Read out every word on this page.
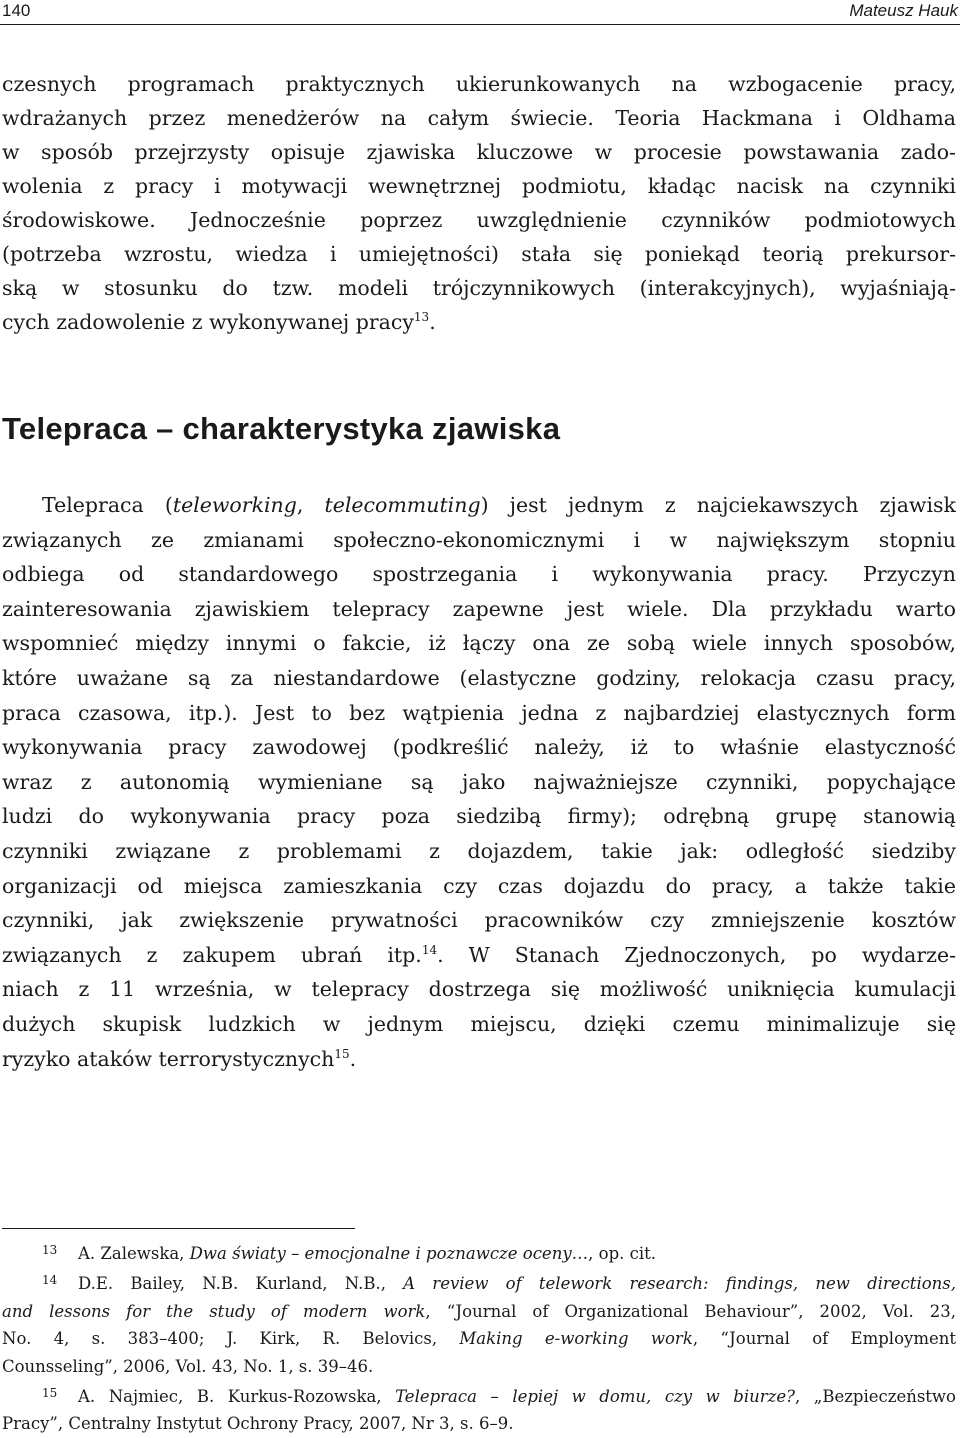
140	Mateusz Hauk

czesnych programach praktycznych ukierunkowanych na wzbogacenie pracy,
wdrażanych przez menedżerów na całym świecie. Teoria Hackmana i Oldhama
w sposób przejrzysty opisuje zjawiska kluczowe w procesie powstawania zado-
wolenia z pracy i motywacji wewnętrznej podmiotu, kładąc nacisk na czynniki
środowiskowe. Jednocześnie poprzez uwzględnienie czynników podmiotowych
(potrzeba wzrostu, wiedza i umiejętności) stała się poniekąd teorią prekursor-
ską w stosunku do tzw. modeli trójczynnikowych (interakcyjnych), wyjaśniają-
cych zadowolenie z wykonywanej pracy$^{13}$.

Telepraca – charakterystyka zjawiska

Telepraca (teleworking, telecommuting) jest jednym z najciekawszych zjawisk
związanych ze zmianami społeczno-ekonomicznymi i w największym stopniu
odbiega od standardowego spostrzegania i wykonywania pracy. Przyczyn
zainteresowania zjawiskiem telepracy zapewne jest wiele. Dla przykładu warto
wspomnieć między innymi o fakcie, iż łączy ona ze sobą wiele innych sposobów,
które uważane są za niestandardowe (elastyczne godziny, relokacja czasu pracy,
praca czasowa, itp.). Jest to bez wątpienia jedna z najbardziej elastycznych form
wykonywania pracy zawodowej (podkreślić należy, iż to właśnie elastyczność
wraz z autonomią wymieniane są jako najważniejsze czynniki, popychające
ludzi do wykonywania pracy poza siedzibą firmy); odrębną grupę stanowią
czynniki związane z problemami z dojazdem, takie jak: odległość siedziby
organizacji od miejsca zamieszkania czy czas dojazdu do pracy, a także takie
czynniki, jak zwiększenie prywatności pracowników czy zmniejszenie kosztów
związanych z zakupem ubrań itp.$^{14}$. W Stanach Zjednoczonych, po wydarze-
niach z 11 września, w telepracy dostrzega się możliwość uniknięcia kumulacji
dużych skupisk ludzkich w jednym miejscu, dzięki czemu minimalizuje się
ryzyko ataków terrorystycznych$^{15}$.

13 A. Zalewska, Dwa światy – emocjonalne i poznawcze oceny…, op. cit.
14 D.E. Bailey, N.B. Kurland, N.B., A review of telework research: findings, new directions,
and lessons for the study of modern work, “Journal of Organizational Behaviour”, 2002, Vol. 23,
No. 4, s. 383–400; J. Kirk, R. Belovics, Making e-working work, “Journal of Employment
Counsseling”, 2006, Vol. 43, No. 1, s. 39–46.
15 A. Najmiec, B. Kurkus-Rozowska, Telepraca – lepiej w domu, czy w biurze?, „Bezpieczeństwo
Pracy”, Centralny Instytut Ochrony Pracy, 2007, Nr 3, s. 6–9.
